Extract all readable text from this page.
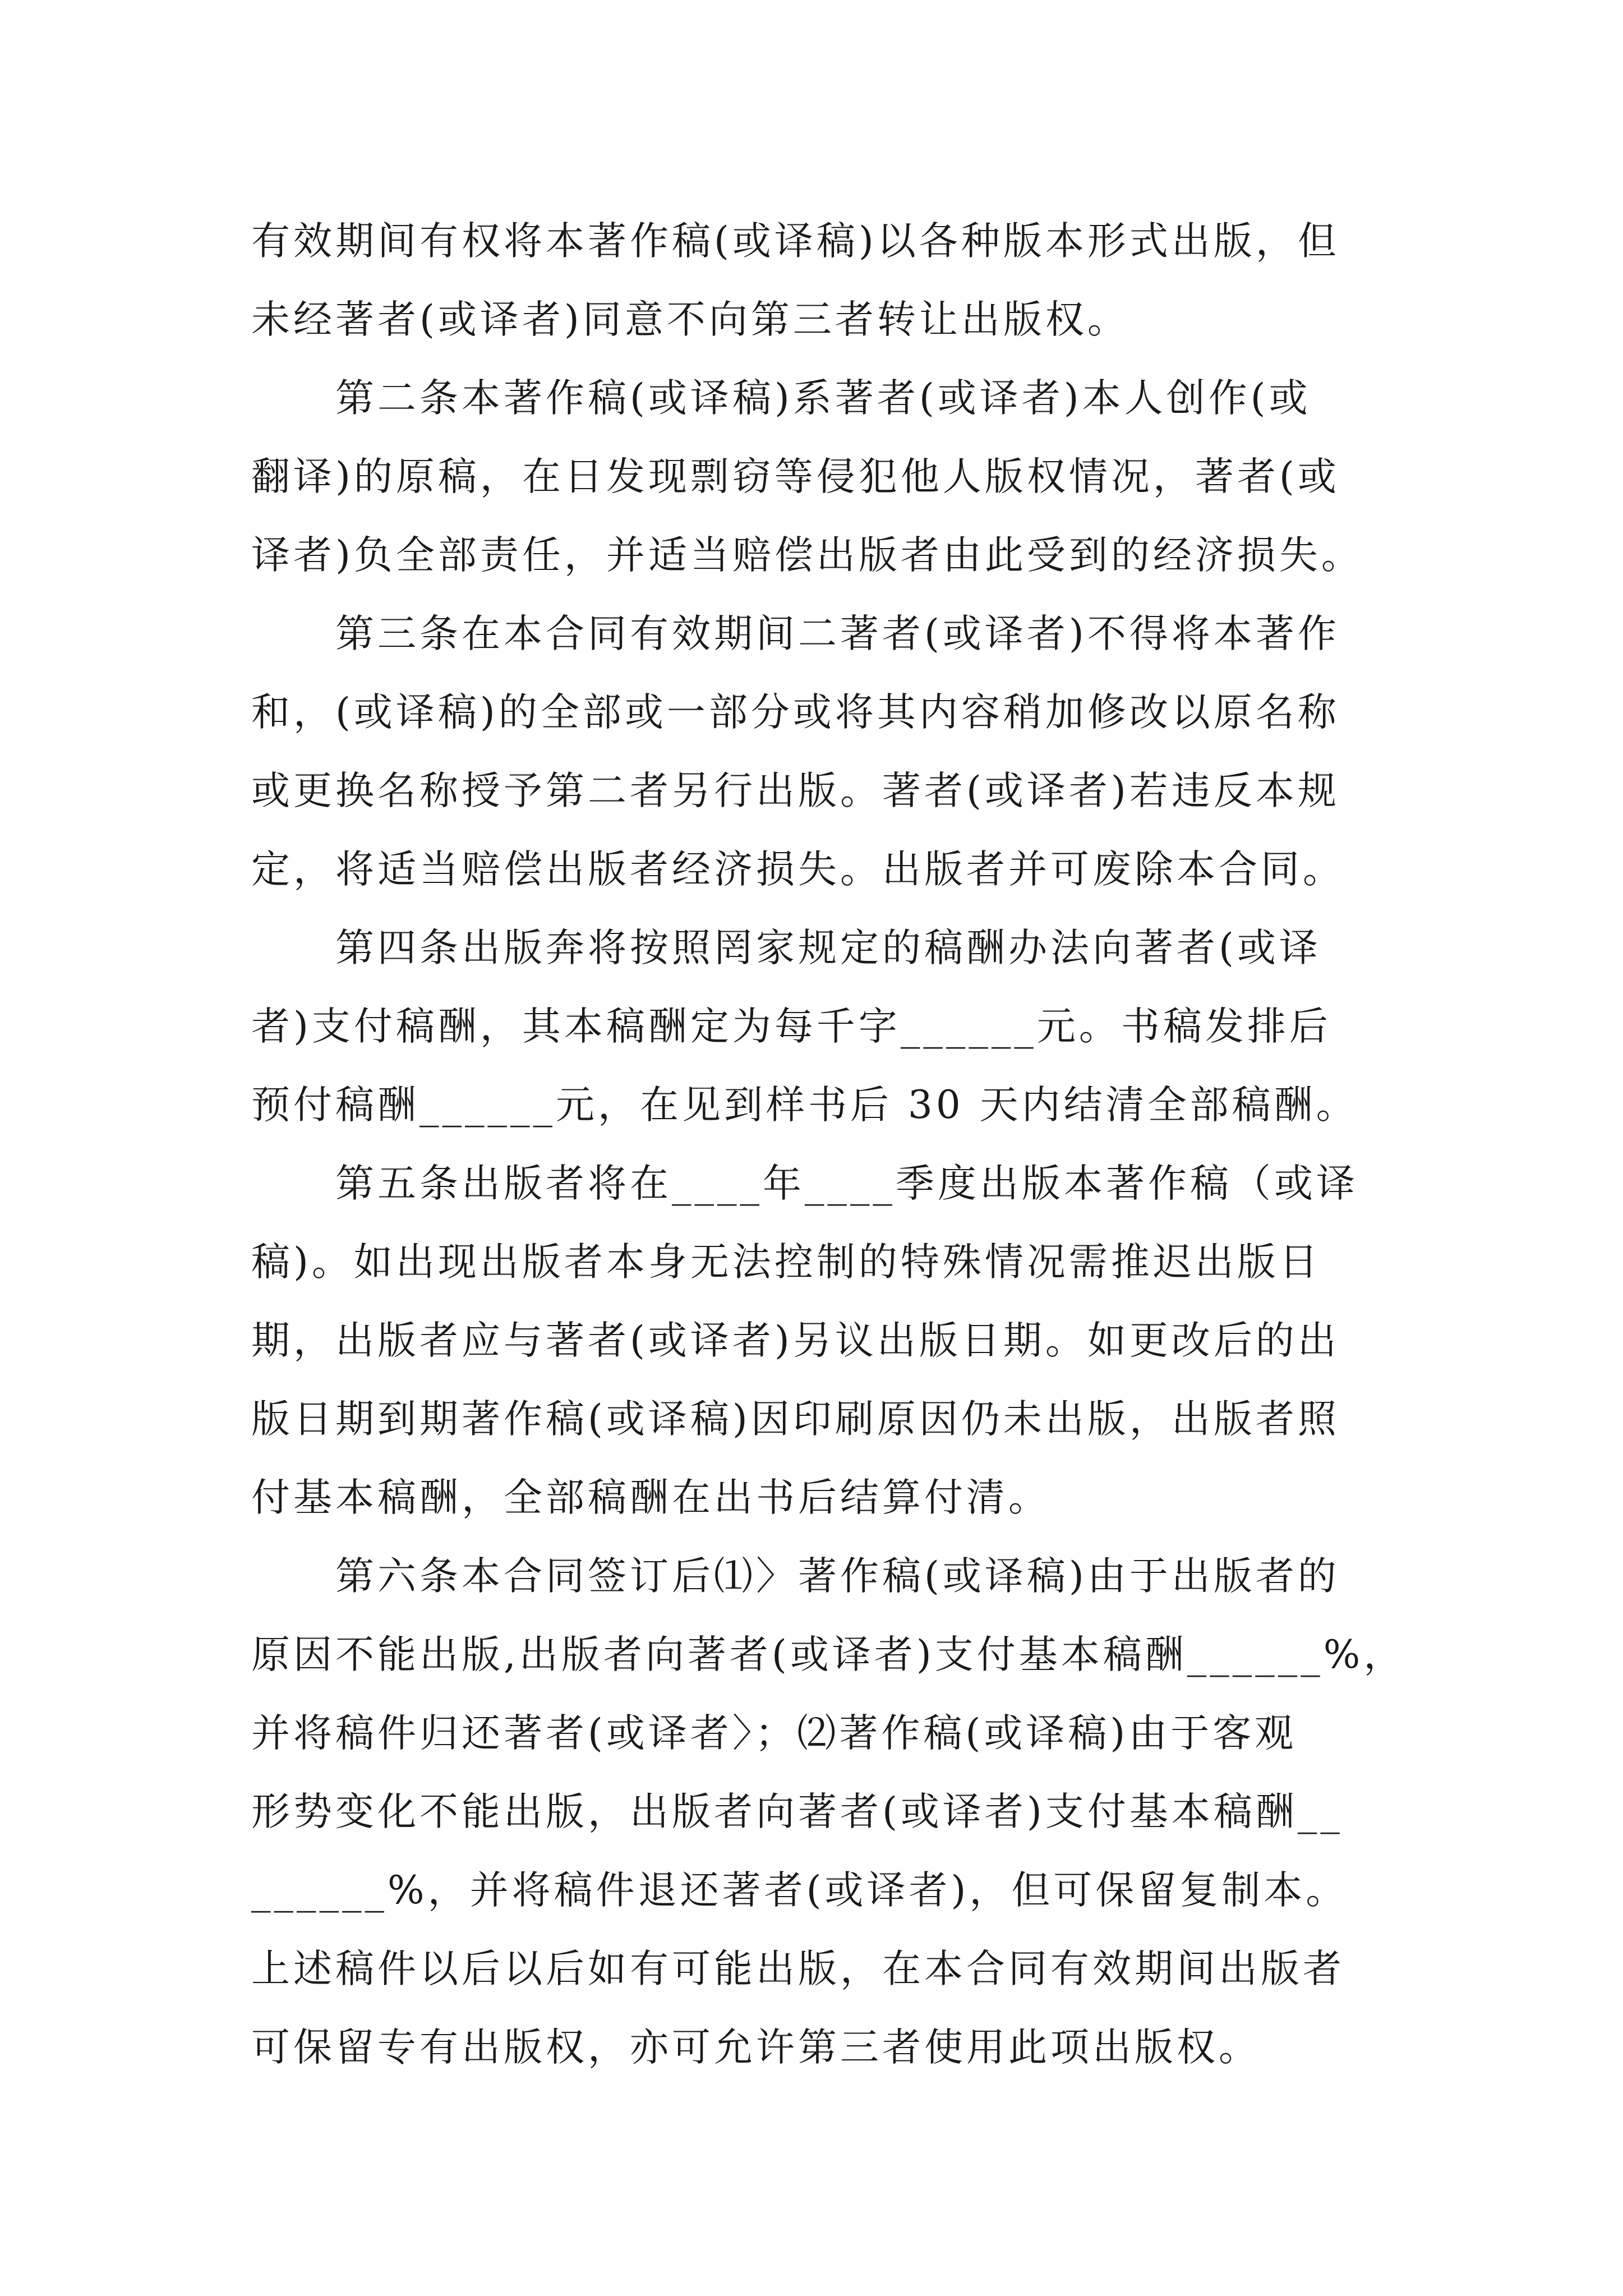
有效期间有权将本著作稿(或译稿)以各种版本形式出版，但
未经著者(或译者)同意不向第三者转让出版权。
第二条本著作稿(或译稿)系著者(或译者)本人创作(或
翻译)的原稿，在日发现剽窃等侵犯他人版权情况，著者(或
译者)负全部责任，并适当赔偿出版者由此受到的经济损失。
第三条在本合同有效期间二著者(或译者)不得将本著作
和，(或译稿)的全部或一部分或将其内容稍加修改以原名称
或更换名称授予第二者另行出版。著者(或译者)若违反本规
定，将适当赔偿出版者经济损失。出版者并可废除本合同。
第四条出版奔将按照罔家规定的稿酬办法向著者(或译
者)支付稿酬，其本稿酬定为每千字______元。书稿发排后
预付稿酬______元，在见到样书后 30 天内结清全部稿酬。
第五条出版者将在____年____季度出版本著作稿（或译
稿)。如出现出版者本身无法控制的特殊情况需推迟出版日
期，出版者应与著者(或译者)另议出版日期。如更改后的出
版日期到期著作稿(或译稿)因印刷原因仍未出版，出版者照
付基本稿酬，全部稿酬在出书后结算付清。
第六条本合同签订后⑴〉著作稿(或译稿)由于出版者的
原因不能出版,出版者向著者(或译者)支付基本稿酬______%，
并将稿件归还著者(或译者〉；⑵著作稿(或译稿)由于客观
形势变化不能出版，出版者向著者(或译者)支付基本稿酬__
______%，并将稿件退还著者(或译者)，但可保留复制本。
上述稿件以后以后如有可能出版，在本合同有效期间出版者
可保留专有出版权，亦可允许第三者使用此项出版权。
